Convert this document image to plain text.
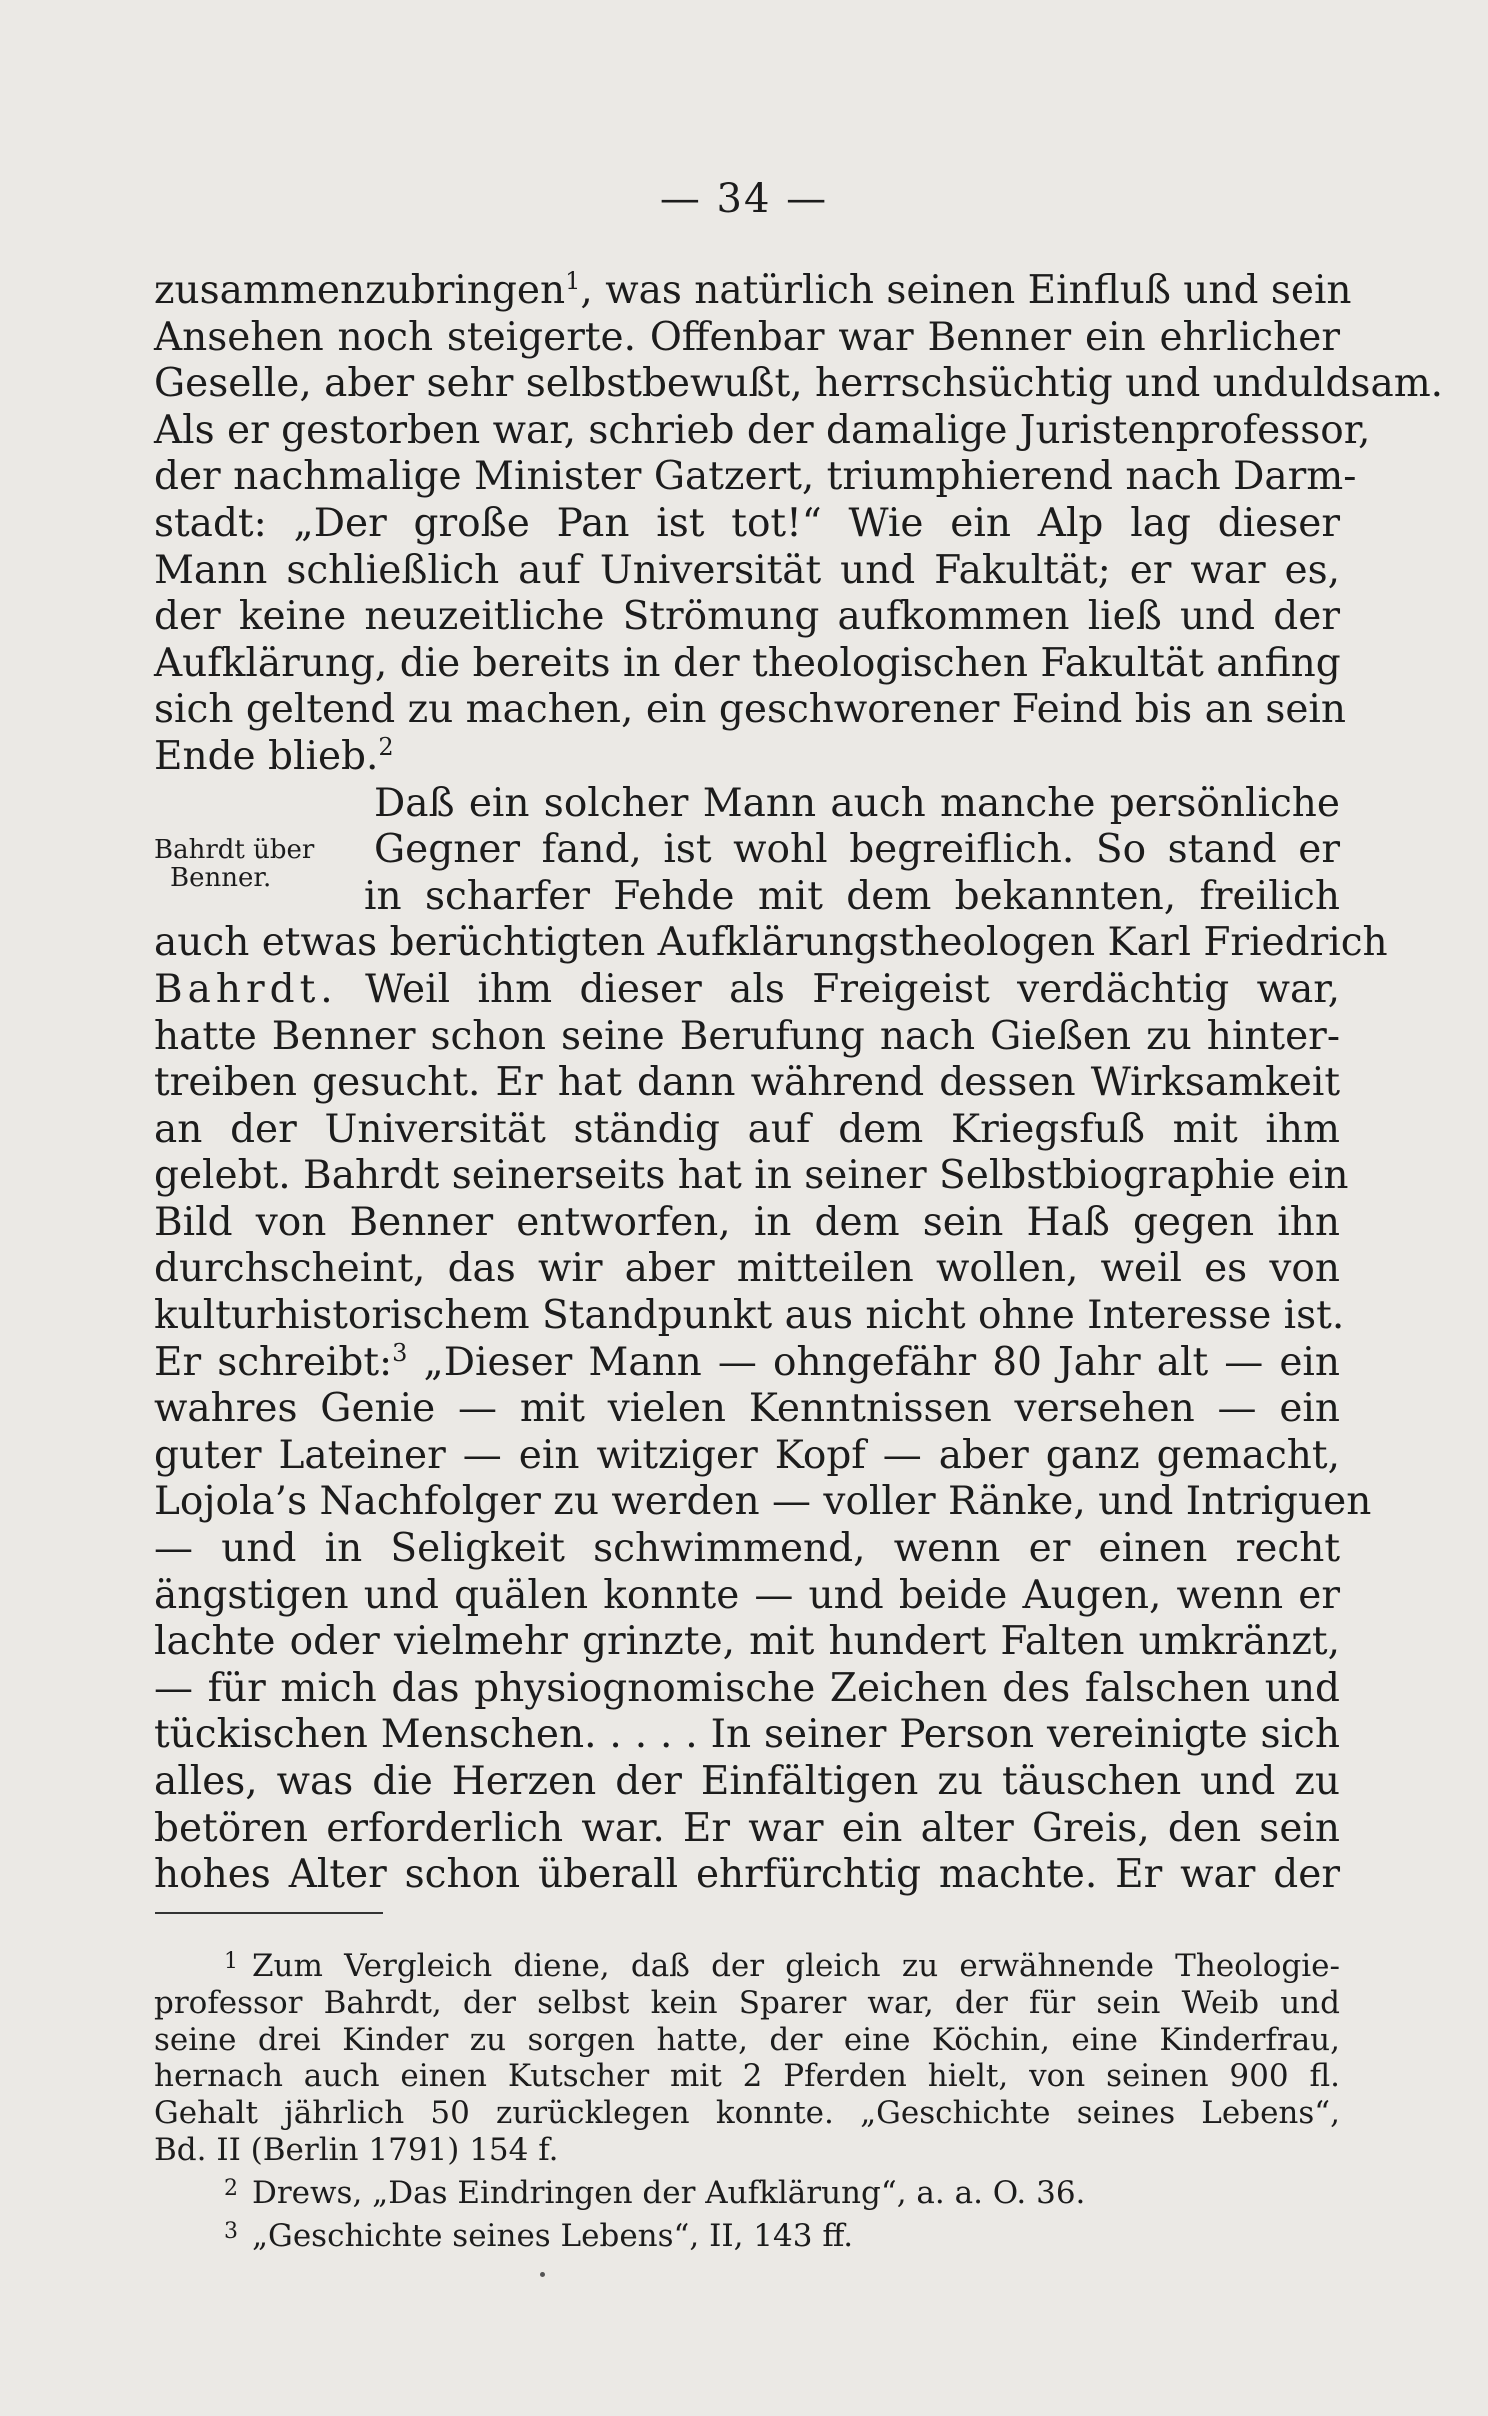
— 34 —
zusammenzubringen$^1$, was natürlich seinen Einfluß und sein
Ansehen noch steigerte. Offenbar war Benner ein ehrlicher
Gesellе, aber sehr selbstbewußt, herrschsüchtig und unduldsam.
Als er gestorben war, schrieb der damalige Juristenprofessor,
der nachmalige Minister Gatzert, triumphierend nach Darm-
stadt: „Der große Pan ist tot!“ Wie ein Alp lag dieser
Mann schließlich auf Universität und Fakultät; er war es,
der keine neuzeitliche Strömung aufkommen ließ und der
Aufklärung, die bereits in der theologischen Fakultät anfing
sich geltend zu machen, ein geschworener Feind bis an sein
Ende blieb.$^2$
Daß ein solcher Mann auch manche persönliche
Gegner fand, ist wohl begreiflich. So stand er
in scharfer Fehde mit dem bekannten, freilich
auch etwas berüchtigten Aufklärungstheologen Karl Friedrich
Bahrdt. Weil ihm dieser als Freigeist verdächtig war,
hatte Benner schon seine Berufung nach Gießen zu hinter-
treiben gesucht. Er hat dann während dessen Wirksamkeit
an der Universität ständig auf dem Kriegsfuß mit ihm
gelebt. Bahrdt seinerseits hat in seiner Selbstbiographie ein
Bild von Benner entworfen, in dem sein Haß gegen ihn
durchscheint, das wir aber mitteilen wollen, weil es von
kulturhistorischem Standpunkt aus nicht ohne Interesse ist.
Er schreibt:$^3$ „Dieser Mann — ohngefähr 80 Jahr alt — ein
wahres Genie — mit vielen Kenntnissen versehen — ein
guter Lateiner — ein witziger Kopf — aber ganz gemacht,
Lojola’s Nachfolger zu werden — voller Ränke, und Intriguen
— und in Seligkeit schwimmend, wenn er einen recht
ängstigen und quälen konnte — und beide Augen, wenn er
lachte oder vielmehr grinzte, mit hundert Falten umkränzt,
— für mich das physiognomische Zeichen des falschen und
tückischen Menschen. . . . . In seiner Person vereinigte sich
alles, was die Herzen der Einfältigen zu täuschen und zu
betören erforderlich war. Er war ein alter Greis, den sein
hohes Alter schon überall ehrfürchtig machte. Er war der
Bahrdt über
Benner.
$^1$ Zum Vergleich diene, daß der gleich zu erwähnende Theologie-
professor Bahrdt, der selbst kein Sparer war, der für sein Weib und
seine drei Kinder zu sorgen hatte, der eine Köchin, eine Kinderfrau,
hernach auch einen Kutscher mit 2 Pferden hielt, von seinen 900 fl.
Gehalt jährlich 50 zurücklegen konnte. „Geschichte seines Lebens“,
Bd. II (Berlin 1791) 154 f.
$^2$ Drews, „Das Eindringen der Aufklärung“, a. a. O. 36.
$^3$ „Geschichte seines Lebens“, II, 143 ff.
